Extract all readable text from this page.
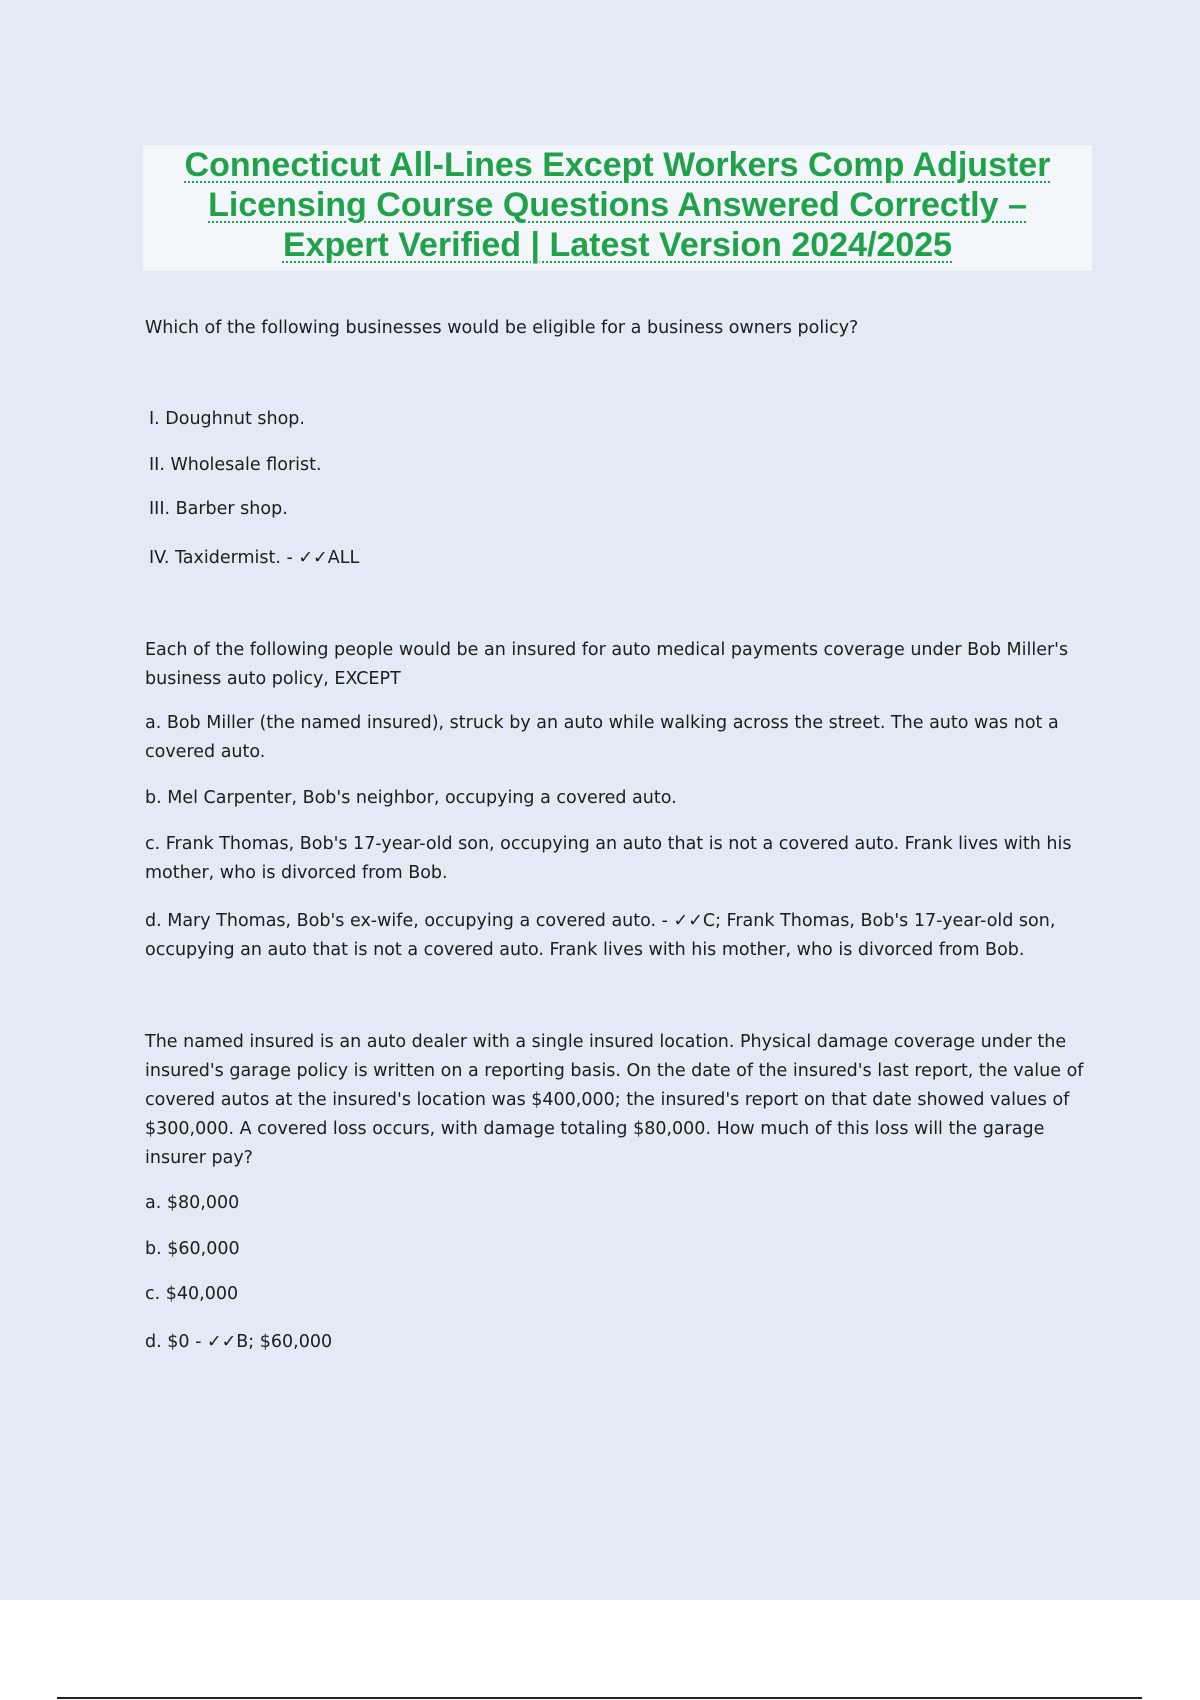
Connecticut All-Lines Except Workers Comp Adjuster
Licensing Course Questions Answered Correctly –
Expert Verified | Latest Version 2024/2025

Which of the following businesses would be eligible for a business owners policy?

I. Doughnut shop.

II. Wholesale florist.

III. Barber shop.

IV. Taxidermist. - ✓✓ALL

Each of the following people would be an insured for auto medical payments coverage under Bob Miller's business auto policy, EXCEPT

a. Bob Miller (the named insured), struck by an auto while walking across the street. The auto was not a covered auto.

b. Mel Carpenter, Bob's neighbor, occupying a covered auto.

c. Frank Thomas, Bob's 17-year-old son, occupying an auto that is not a covered auto. Frank lives with his mother, who is divorced from Bob.

d. Mary Thomas, Bob's ex-wife, occupying a covered auto. - ✓✓C; Frank Thomas, Bob's 17-year-old son, occupying an auto that is not a covered auto. Frank lives with his mother, who is divorced from Bob.

The named insured is an auto dealer with a single insured location. Physical damage coverage under the insured's garage policy is written on a reporting basis. On the date of the insured's last report, the value of covered autos at the insured's location was $400,000; the insured's report on that date showed values of $300,000. A covered loss occurs, with damage totaling $80,000. How much of this loss will the garage insurer pay?

a. $80,000

b. $60,000

c. $40,000

d. $0 - ✓✓B; $60,000
